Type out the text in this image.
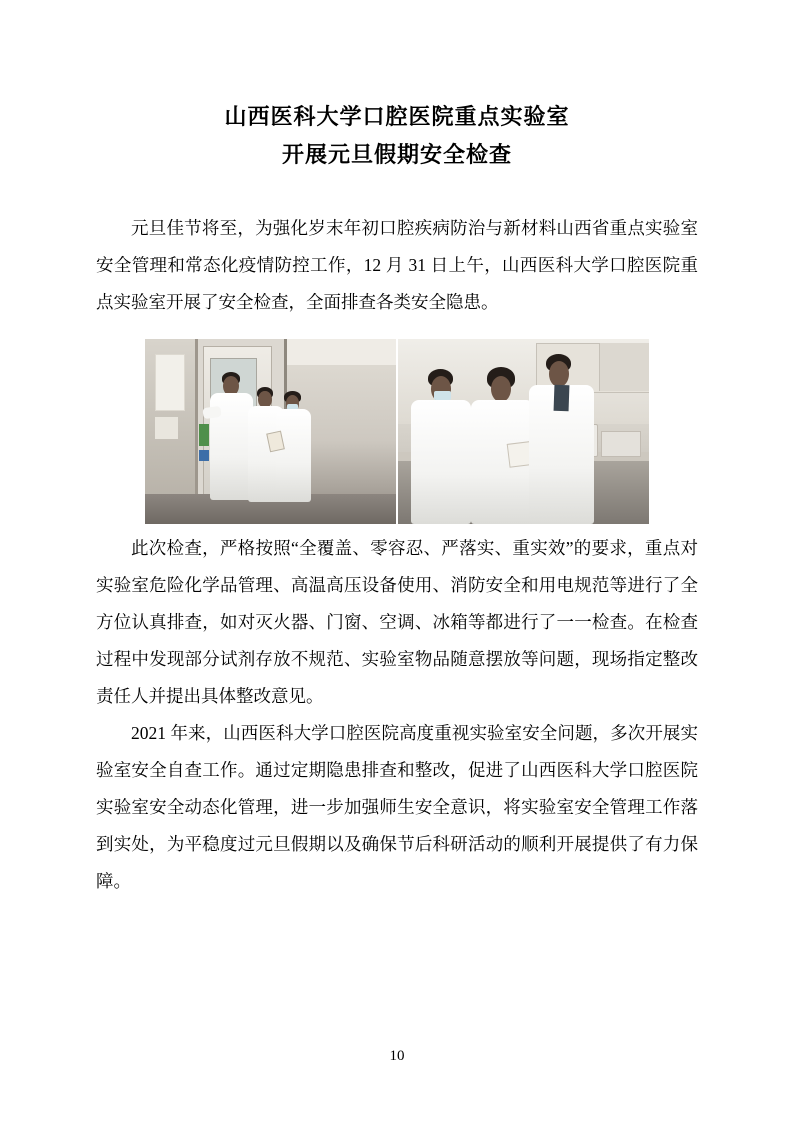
山西医科大学口腔医院重点实验室
开展元旦假期安全检查

元旦佳节将至，为强化岁末年初口腔疾病防治与新材料山西省重点实验室安全管理和常态化疫情防控工作，12 月 31 日上午，山西医科大学口腔医院重点实验室开展了安全检查，全面排查各类安全隐患。

此次检查，严格按照“全覆盖、零容忍、严落实、重实效”的要求，重点对实验室危险化学品管理、高温高压设备使用、消防安全和用电规范等进行了全方位认真排查，如对灭火器、门窗、空调、冰箱等都进行了一一检查。在检查过程中发现部分试剂存放不规范、实验室物品随意摆放等问题，现场指定整改责任人并提出具体整改意见。

2021 年来，山西医科大学口腔医院高度重视实验室安全问题，多次开展实验室安全自查工作。通过定期隐患排查和整改，促进了山西医科大学口腔医院实验室安全动态化管理，进一步加强师生安全意识，将实验室安全管理工作落到实处，为平稳度过元旦假期以及确保节后科研活动的顺利开展提供了有力保障。

10
